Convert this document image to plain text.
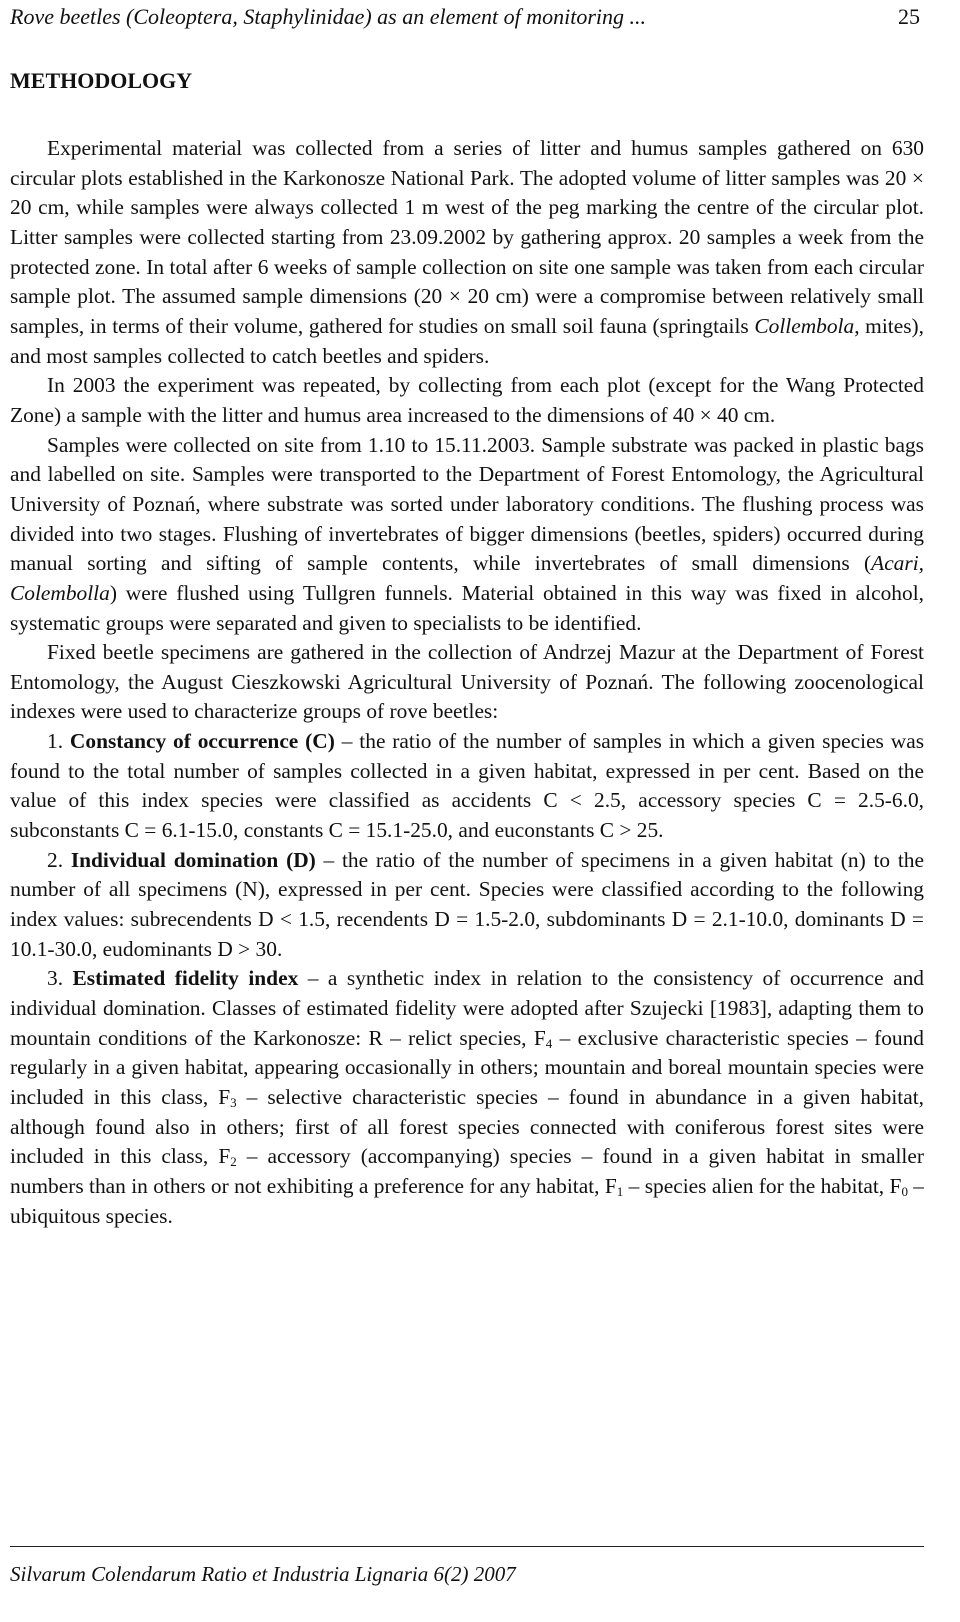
Rove beetles (Coleoptera, Staphylinidae) as an element of monitoring ...	25
METHODOLOGY

Experimental material was collected from a series of litter and humus samples gathered on 630 circular plots established in the Karkonosze National Park. The adopted volume of litter samples was 20 × 20 cm, while samples were always collected 1 m west of the peg marking the centre of the circular plot. Litter samples were collected starting from 23.09.2002 by gathering approx. 20 samples a week from the protected zone. In total after 6 weeks of sample collection on site one sample was taken from each circular sample plot. The assumed sample dimensions (20 × 20 cm) were a compromise between relatively small samples, in terms of their volume, gathered for studies on small soil fauna (springtails Collembola, mites), and most samples collected to catch beetles and spiders.

In 2003 the experiment was repeated, by collecting from each plot (except for the Wang Protected Zone) a sample with the litter and humus area increased to the dimensions of 40 × 40 cm.

Samples were collected on site from 1.10 to 15.11.2003. Sample substrate was packed in plastic bags and labelled on site. Samples were transported to the Department of Forest Entomology, the Agricultural University of Poznań, where substrate was sorted under laboratory conditions. The flushing process was divided into two stages. Flushing of invertebrates of bigger dimensions (beetles, spiders) occurred during manual sorting and sifting of sample contents, while invertebrates of small dimensions (Acari, Colembolla) were flushed using Tullgren funnels. Material obtained in this way was fixed in alcohol, systematic groups were separated and given to specialists to be identified.

Fixed beetle specimens are gathered in the collection of Andrzej Mazur at the Department of Forest Entomology, the August Cieszkowski Agricultural University of Poznań. The following zoocenological indexes were used to characterize groups of rove beetles:

1. Constancy of occurrence (C) – the ratio of the number of samples in which a given species was found to the total number of samples collected in a given habitat, expressed in per cent. Based on the value of this index species were classified as accidents C < 2.5, accessory species C = 2.5-6.0, subconstants C = 6.1-15.0, constants C = 15.1-25.0, and euconstants C > 25.

2. Individual domination (D) – the ratio of the number of specimens in a given habitat (n) to the number of all specimens (N), expressed in per cent. Species were classified according to the following index values: subrecendents D < 1.5, recendents D = 1.5-2.0, subdominants D = 2.1-10.0, dominants D = 10.1-30.0, eudominants D > 30.

3. Estimated fidelity index – a synthetic index in relation to the consistency of occurrence and individual domination. Classes of estimated fidelity were adopted after Szujecki [1983], adapting them to mountain conditions of the Karkonosze: R – relict species, $F_4$ – exclusive characteristic species – found regularly in a given habitat, appearing occasionally in others; mountain and boreal mountain species were included in this class, $F_3$ – selective characteristic species – found in abundance in a given habitat, although found also in others; first of all forest species connected with coniferous forest sites were included in this class, $F_2$ – accessory (accompanying) species – found in a given habitat in smaller numbers than in others or not exhibiting a preference for any habitat, $F_1$ – species alien for the habitat, $F_0$ – ubiquitous species.

Silvarum Colendarum Ratio et Industria Lignaria 6(2) 2007
